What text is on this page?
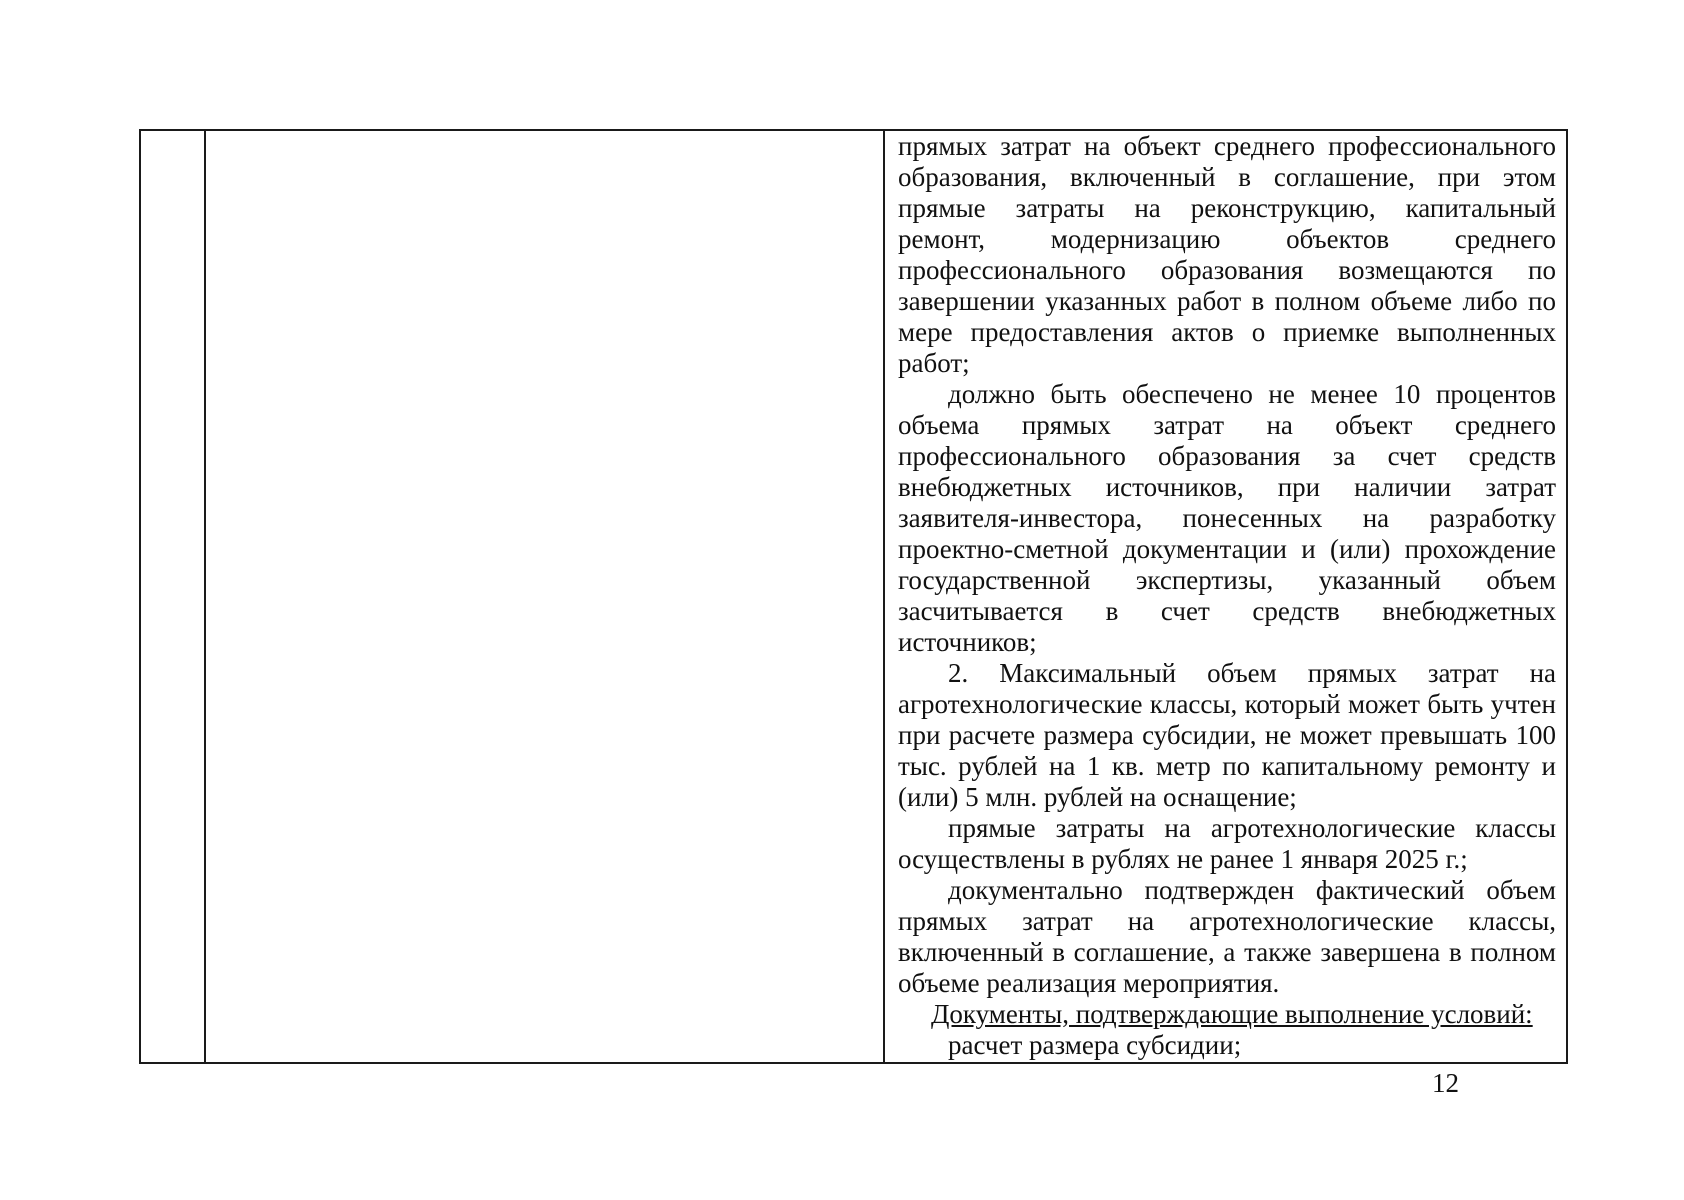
прямых затрат на объект среднего профессионального образования, включенный в соглашение, при этом прямые затраты на реконструкцию, капитальный ремонт, модернизацию объектов среднего профессионального образования возмещаются по завершении указанных работ в полном объеме либо по мере предоставления актов о приемке выполненных работ;

должно быть обеспечено не менее 10 процентов объема прямых затрат на объект среднего профессионального образования за счет средств внебюджетных источников, при наличии затрат заявителя-инвестора, понесенных на разработку проектно-сметной документации и (или) прохождение государственной экспертизы, указанный объем засчитывается в счет средств внебюджетных источников;

2. Максимальный объем прямых затрат на агротехнологические классы, который может быть учтен при расчете размера субсидии, не может превышать 100 тыс. рублей на 1 кв. метр по капитальному ремонту и (или) 5 млн. рублей на оснащение;

прямые затраты на агротехнологические классы осуществлены в рублях не ранее 1 января 2025 г.;

документально подтвержден фактический объем прямых затрат на агротехнологические классы, включенный в соглашение, а также завершена в полном объеме реализация мероприятия.

Документы, подтверждающие выполнение условий:

расчет размера субсидии;

12
